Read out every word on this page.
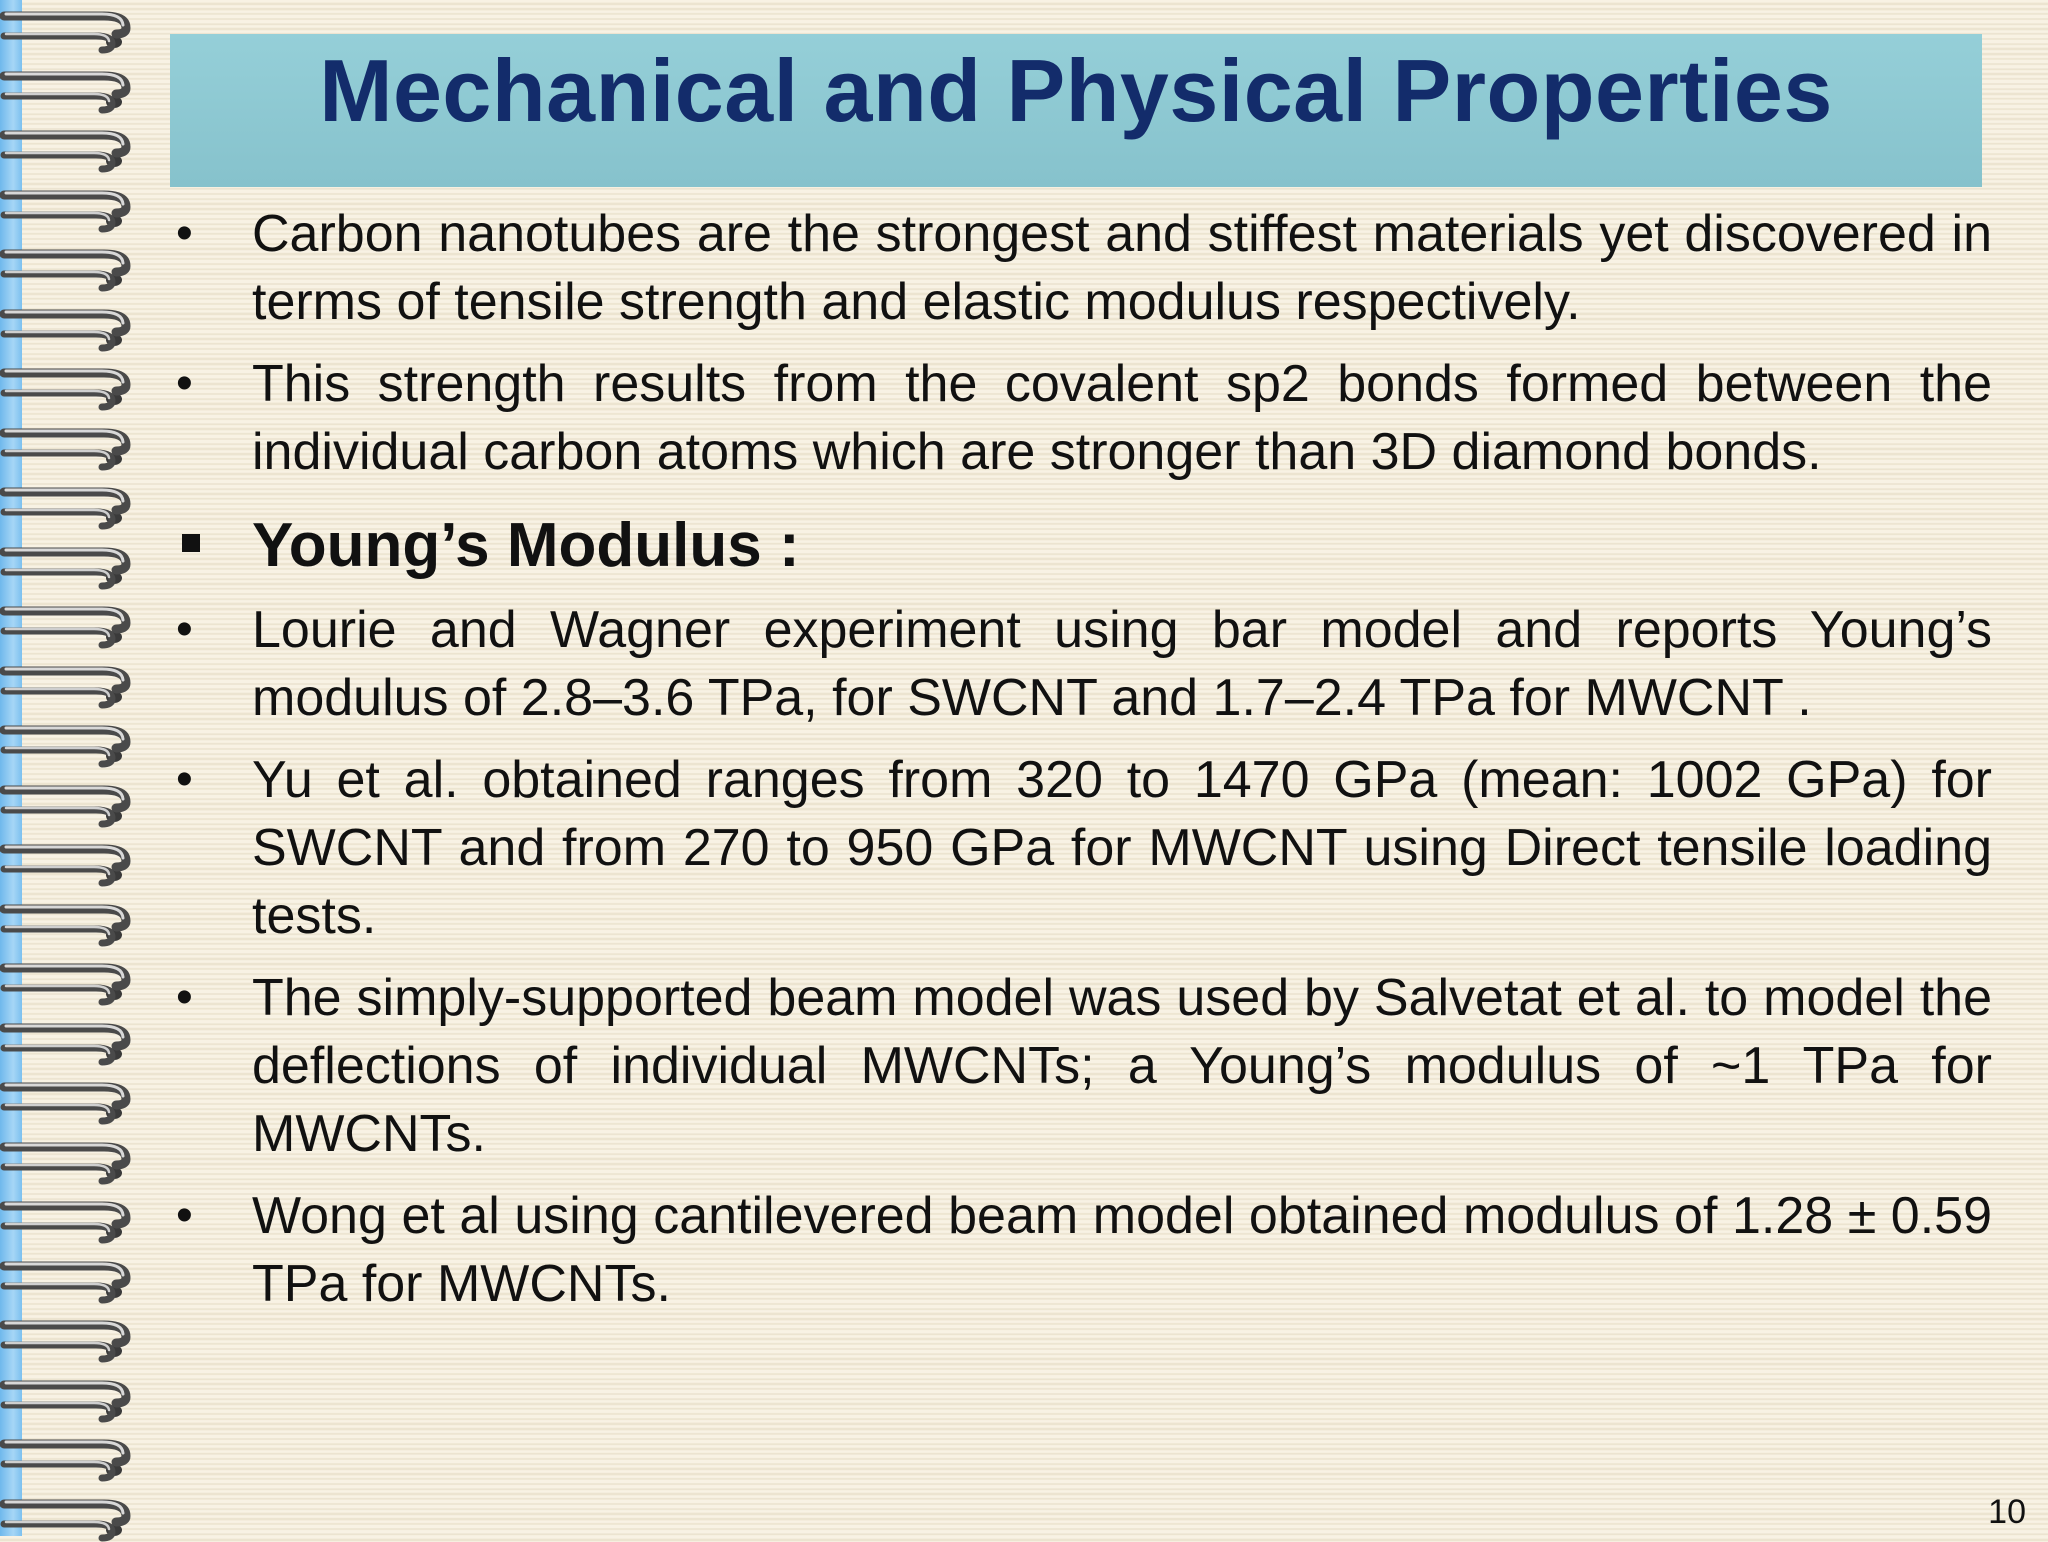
Mechanical and Physical Properties
• Carbon nanotubes are the strongest and stiffest materials yet discovered in terms of tensile strength and elastic modulus respectively.

• This strength results from the covalent sp2 bonds formed between the individual carbon atoms which are stronger than 3D diamond bonds.

Young’s Modulus :

• Lourie and Wagner experiment using bar model and reports Young’s modulus of 2.8–3.6 TPa, for SWCNT and 1.7–2.4 TPa for MWCNT .

• Yu et al. obtained ranges from 320 to 1470 GPa (mean: 1002 GPa) for SWCNT and from 270 to 950 GPa for MWCNT using Direct tensile loading tests.

• The simply-supported beam model was used by Salvetat et al. to model the deflections of individual MWCNTs; a Young’s modulus of ~1 TPa for MWCNTs.

• Wong et al using cantilevered beam model obtained modulus of 1.28 ± 0.59 TPa for MWCNTs.

10
